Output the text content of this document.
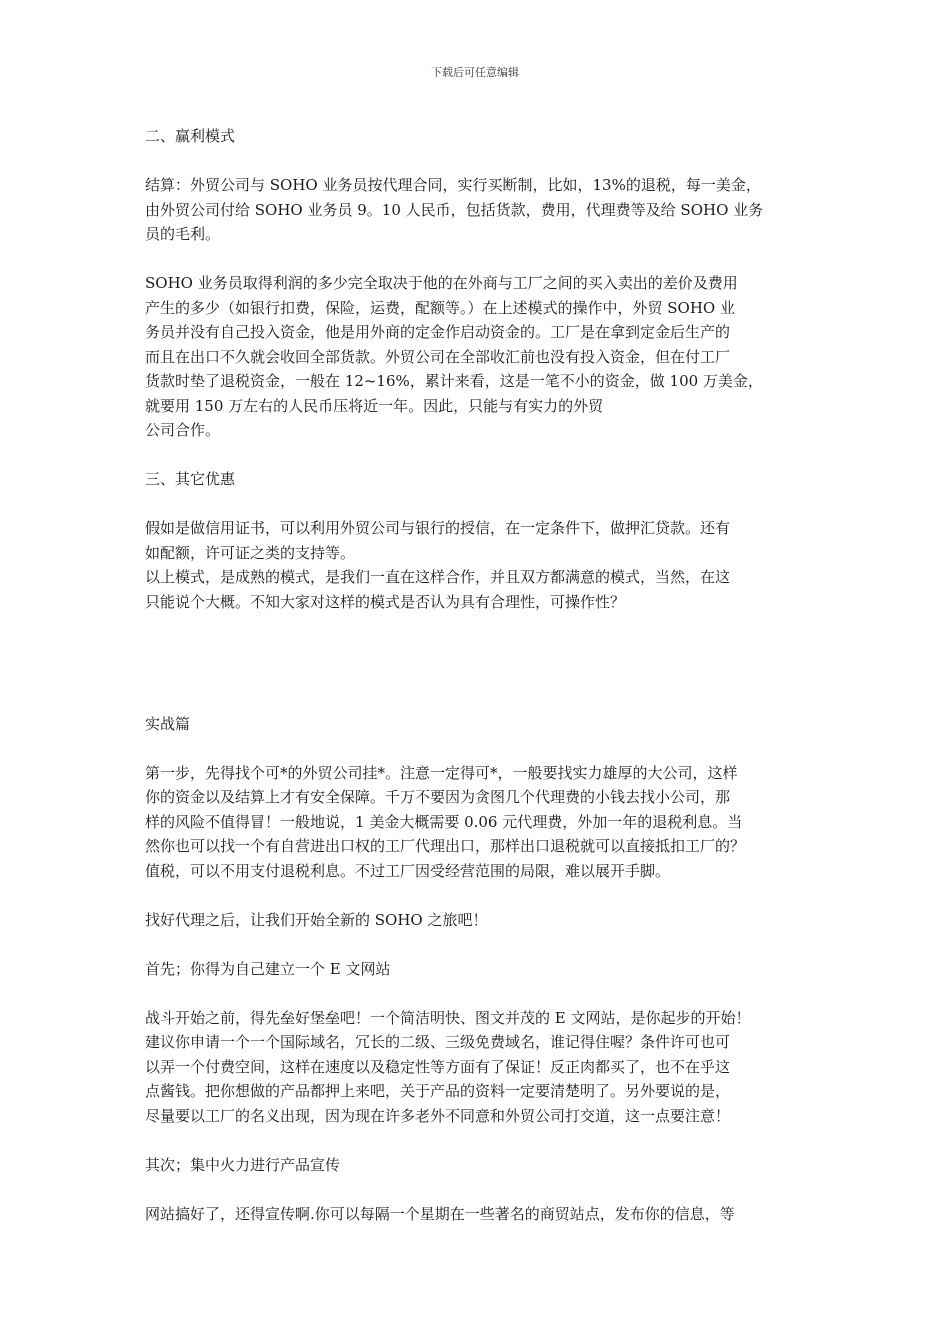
下载后可任意编辑
二、赢利模式
结算：外贸公司与 SOHO 业务员按代理合同，实行买断制，比如，13%的退税，每一美金，
由外贸公司付给 SOHO 业务员 9。10 人民币，包括货款，费用，代理费等及给 SOHO 业务
员的毛利。
SOHO 业务员取得利润的多少完全取决于他的在外商与工厂之间的买入卖出的差价及费用
产生的多少（如银行扣费，保险，运费，配额等。）在上述模式的操作中，外贸 SOHO 业
务员并没有自己投入资金，他是用外商的定金作启动资金的。工厂是在拿到定金后生产的
而且在出口不久就会收回全部货款。外贸公司在全部收汇前也没有投入资金，但在付工厂
货款时垫了退税资金，一般在 12~16%，累计来看，这是一笔不小的资金，做 100 万美金，
就要用 150 万左右的人民币压将近一年。因此，只能与有实力的外贸
公司合作。
三、其它优惠
假如是做信用证书，可以利用外贸公司与银行的授信，在一定条件下，做押汇贷款。还有
如配额，许可证之类的支持等。
以上模式，是成熟的模式，是我们一直在这样合作，并且双方都满意的模式，当然，在这
只能说个大概。不知大家对这样的模式是否认为具有合理性，可操作性？
实战篇
第一步，先得找个可*的外贸公司挂*。注意一定得可*，一般要找实力雄厚的大公司，这样
你的资金以及结算上才有安全保障。千万不要因为贪图几个代理费的小钱去找小公司，那
样的风险不值得冒！一般地说，1 美金大概需要 0.06 元代理费，外加一年的退税利息。当
然你也可以找一个有自营进出口权的工厂代理出口，那样出口退税就可以直接抵扣工厂的？
值税，可以不用支付退税利息。不过工厂因受经营范围的局限，难以展开手脚。
找好代理之后，让我们开始全新的 SOHO 之旅吧！
首先；你得为自己建立一个 E 文网站
战斗开始之前，得先垒好堡垒吧！一个简洁明快、图文并茂的 E 文网站，是你起步的开始！
建议你申请一个一个国际域名，冗长的二级、三级免费域名，谁记得住喔？条件许可也可
以弄一个付费空间，这样在速度以及稳定性等方面有了保证！反正肉都买了，也不在乎这
点酱钱。把你想做的产品都押上来吧，关于产品的资料一定要清楚明了。另外要说的是，
尽量要以工厂的名义出现，因为现在许多老外不同意和外贸公司打交道，这一点要注意！
其次；集中火力进行产品宣传
网站搞好了，还得宣传啊.你可以每隔一个星期在一些著名的商贸站点，发布你的信息，等
